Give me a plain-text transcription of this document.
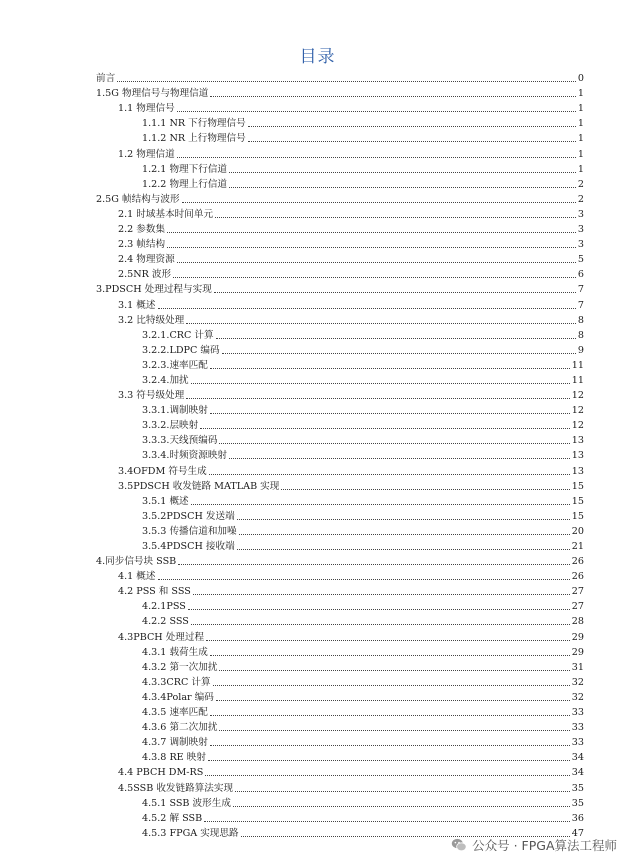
目录
前言	0
1.5G 物理信号与物理信道	1
1.1 物理信号	1
1.1.1 NR 下行物理信号	1
1.1.2 NR 上行物理信号	1
1.2 物理信道	1
1.2.1 物理下行信道	1
1.2.2 物理上行信道	2
2.5G 帧结构与波形	2
2.1 时域基本时间单元	3
2.2 参数集	3
2.3 帧结构	3
2.4 物理资源	5
2.5NR 波形	6
3.PDSCH 处理过程与实现	7
3.1 概述	7
3.2 比特级处理	8
3.2.1.CRC 计算	8
3.2.2.LDPC 编码	9
3.2.3.速率匹配	11
3.2.4.加扰	11
3.3 符号级处理	12
3.3.1.调制映射	12
3.3.2.层映射	12
3.3.3.天线预编码	13
3.3.4.时频资源映射	13
3.4OFDM 符号生成	13
3.5PDSCH 收发链路 MATLAB 实现	15
3.5.1 概述	15
3.5.2PDSCH 发送端	15
3.5.3 传播信道和加噪	20
3.5.4PDSCH 接收端	21
4.同步信号块 SSB	26
4.1 概述	26
4.2 PSS 和 SSS	27
4.2.1PSS	27
4.2.2 SSS	28
4.3PBCH 处理过程	29
4.3.1 载荷生成	29
4.3.2 第一次加扰	31
4.3.3CRC 计算	32
4.3.4Polar 编码	32
4.3.5 速率匹配	33
4.3.6 第二次加扰	33
4.3.7 调制映射	33
4.3.8 RE 映射	34
4.4 PBCH DM-RS	34
4.5SSB 收发链路算法实现	35
4.5.1 SSB 波形生成	35
4.5.2 解 SSB	36
4.5.3 FPGA 实现思路	47
公众号 · FPGA算法工程师
